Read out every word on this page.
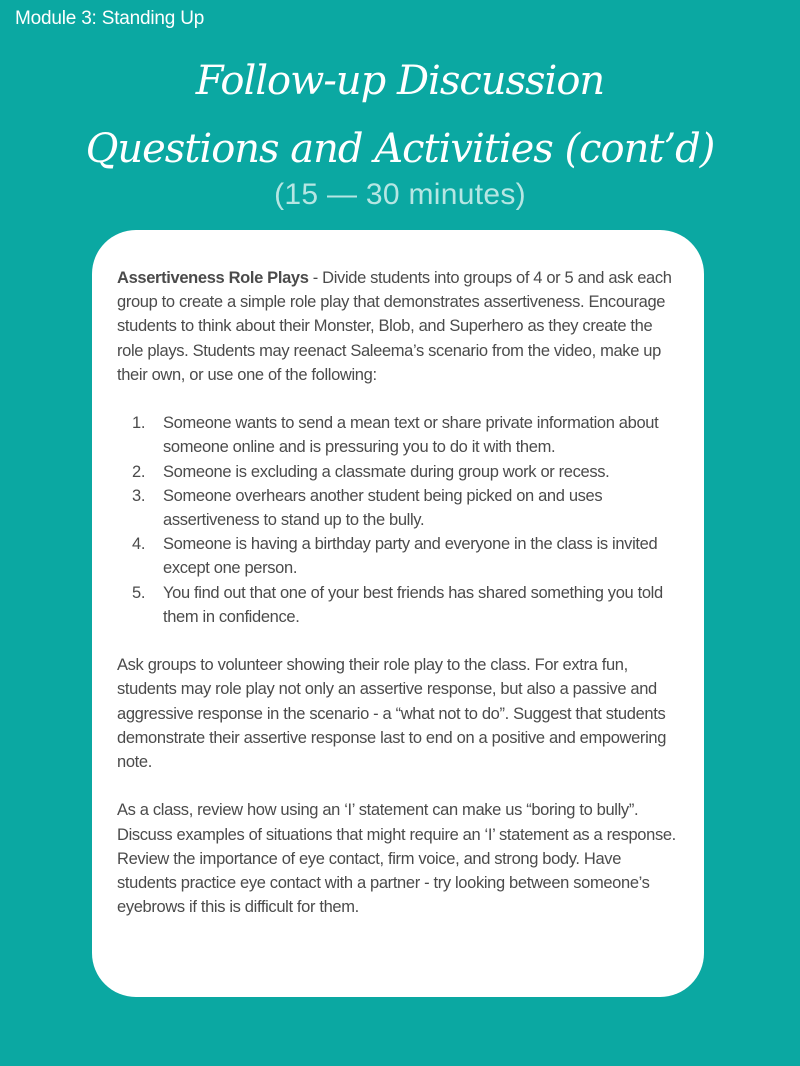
Module 3: Standing Up
Follow-up Discussion
Questions and Activities (cont’d)
(15 — 30 minutes)

Assertiveness Role Plays - Divide students into groups of 4 or 5 and ask each group to create a simple role play that demonstrates assertiveness. Encourage students to think about their Monster, Blob, and Superhero as they create the role plays. Students may reenact Saleema’s scenario from the video, make up their own, or use one of the following:

1. Someone wants to send a mean text or share private information about someone online and is pressuring you to do it with them.
2. Someone is excluding a classmate during group work or recess.
3. Someone overhears another student being picked on and uses assertiveness to stand up to the bully.
4. Someone is having a birthday party and everyone in the class is invited except one person.
5. You find out that one of your best friends has shared something you told them in confidence.

Ask groups to volunteer showing their role play to the class. For extra fun, students may role play not only an assertive response, but also a passive and aggressive response in the scenario - a “what not to do”. Suggest that students demonstrate their assertive response last to end on a positive and empowering note.

As a class, review how using an ‘I’ statement can make us “boring to bully”. Discuss examples of situations that might require an ‘I’ statement as a response. Review the importance of eye contact, firm voice, and strong body. Have students practice eye contact with a partner - try looking between someone’s eyebrows if this is difficult for them.
